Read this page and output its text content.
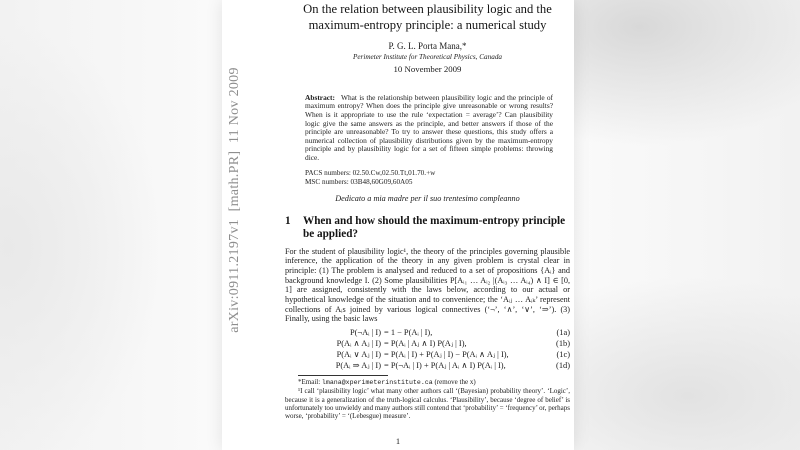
arXiv:0911.2197v1  [math.PR]  11 Nov 2009
On the relation between plausibility logic and the maximum-entropy principle: a numerical study
P. G. L. Porta Mana,*
Perimeter Institute for Theoretical Physics, Canada
10 November 2009
Abstract: What is the relationship between plausibility logic and the principle of maximum entropy? When does the principle give unreasonable or wrong results? When is it appropriate to use the rule ‘expectation = average’? Can plausibility logic give the same answers as the principle, and better answers if those of the principle are unreasonable? To try to answer these questions, this study offers a numerical collection of plausibility distributions given by the maximum-entropy principle and by plausibility logic for a set of fifteen simple problems: throwing dice.
PACS numbers: 02.50.Cw,02.50.Tt,01.70.+w
MSC numbers: 03B48,60G09,60A05
Dedicato a mia madre per il suo trentesimo compleanno
1	When and how should the maximum-entropy principle be applied?
For the student of plausibility logic¹, the theory of the principles governing plausible inference, the application of the theory in any given problem is crystal clear in principle: (1) The problem is analysed and reduced to a set of propositions {Aᵢ} and background knowledge I. (2) Some plausibilities P[Aᵢ₁ … Aᵢ₂ |(Aᵢ₃ … Aᵢ₄) ∧ I] ∈ [0, 1] are assigned, consistently with the laws below, according to our actual or hypothetical knowledge of the situation and to convenience; the ‘Aᵢⱼ … Aᵢₖ’ represent collections of Aᵢs joined by various logical connectives (‘¬’, ‘∧’, ‘∨’, ‘⇒’). (3) Finally, using the basic laws
P(¬Aᵢ | I) = 1 − P(Aᵢ | I),	(1a)
P(Aᵢ ∧ Aⱼ | I) = P(Aᵢ | Aⱼ ∧ I) P(Aⱼ | I),	(1b)
P(Aᵢ ∨ Aⱼ | I) = P(Aᵢ | I) + P(Aⱼ | I) − P(Aᵢ ∧ Aⱼ | I),	(1c)
P(Aᵢ ⇒ Aⱼ | I) = P(¬Aᵢ | I) + P(Aⱼ | Aᵢ ∧ I) P(Aᵢ | I),	(1d)
*Email: lmana@xperimeterinstitute.ca (remove the x)
¹I call ‘plausibility logic’ what many other authors call ‘(Bayesian) probability theory’. ‘Logic’, because it is a generalization of the truth-logical calculus. ‘Plausibility’, because ‘degree of belief’ is unfortunately too unwieldy and many authors still contend that ‘probability’ = ‘frequency’ or, perhaps worse, ‘probability’ = ‘(Lebesgue) measure’.
1
